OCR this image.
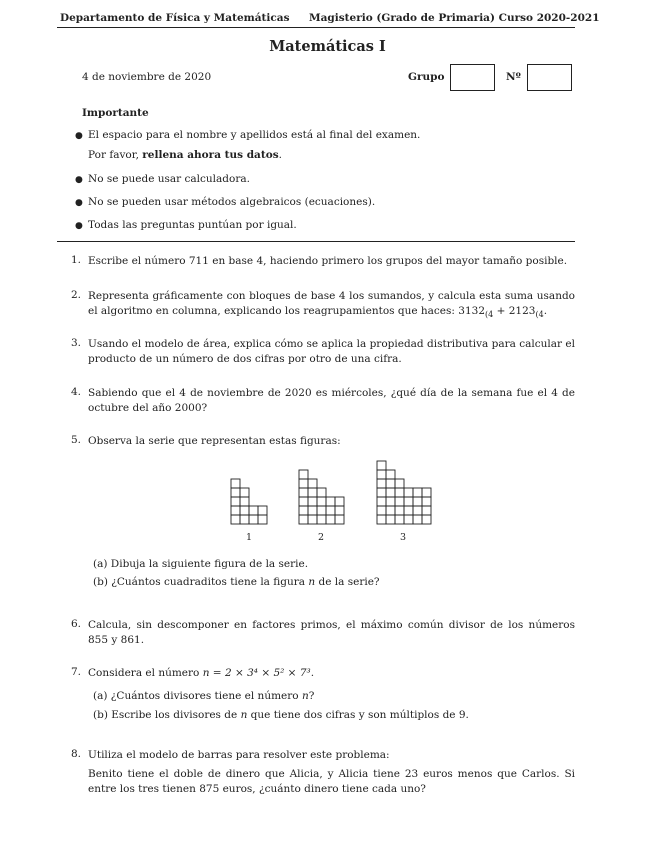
Departamento de Física y Matemáticas Magisterio (Grado de Primaria) Curso 2020-2021
Matemáticas I
4 de noviembre de 2020	Grupo	Nº
Importante
● El espacio para el nombre y apellidos está al final del examen.
Por favor, rellena ahora tus datos.
● No se puede usar calculadora.
● No se pueden usar métodos algebraicos (ecuaciones).
● Todas las preguntas puntúan por igual.
1. Escribe el número 711 en base 4, haciendo primero los grupos del mayor tamaño posible.
2. Representa gráficamente con bloques de base 4 los sumandos, y calcula esta suma usando el algoritmo en columna, explicando los reagrupamientos que haces: $3132_{(4} + 2123_{(4}$.
3. Usando el modelo de área, explica cómo se aplica la propiedad distributiva para calcular el producto de un número de dos cifras por otro de una cifra.
4. Sabiendo que el 4 de noviembre de 2020 es miércoles, ¿qué día de la semana fue el 4 de octubre del año 2000?
5. Observa la serie que representan estas figuras:
1	2	3
(a) Dibuja la siguiente figura de la serie.
(b) ¿Cuántos cuadraditos tiene la figura n de la serie?
6. Calcula, sin descomponer en factores primos, el máximo común divisor de los números 855 y 861.
7. Considera el número n = 2 × 3⁴ × 5² × 7³.
(a) ¿Cuántos divisores tiene el número n?
(b) Escribe los divisores de n que tiene dos cifras y son múltiplos de 9.
8. Utiliza el modelo de barras para resolver este problema:
Benito tiene el doble de dinero que Alicia, y Alicia tiene 23 euros menos que Carlos. Si entre los tres tienen 875 euros, ¿cuánto dinero tiene cada uno?
